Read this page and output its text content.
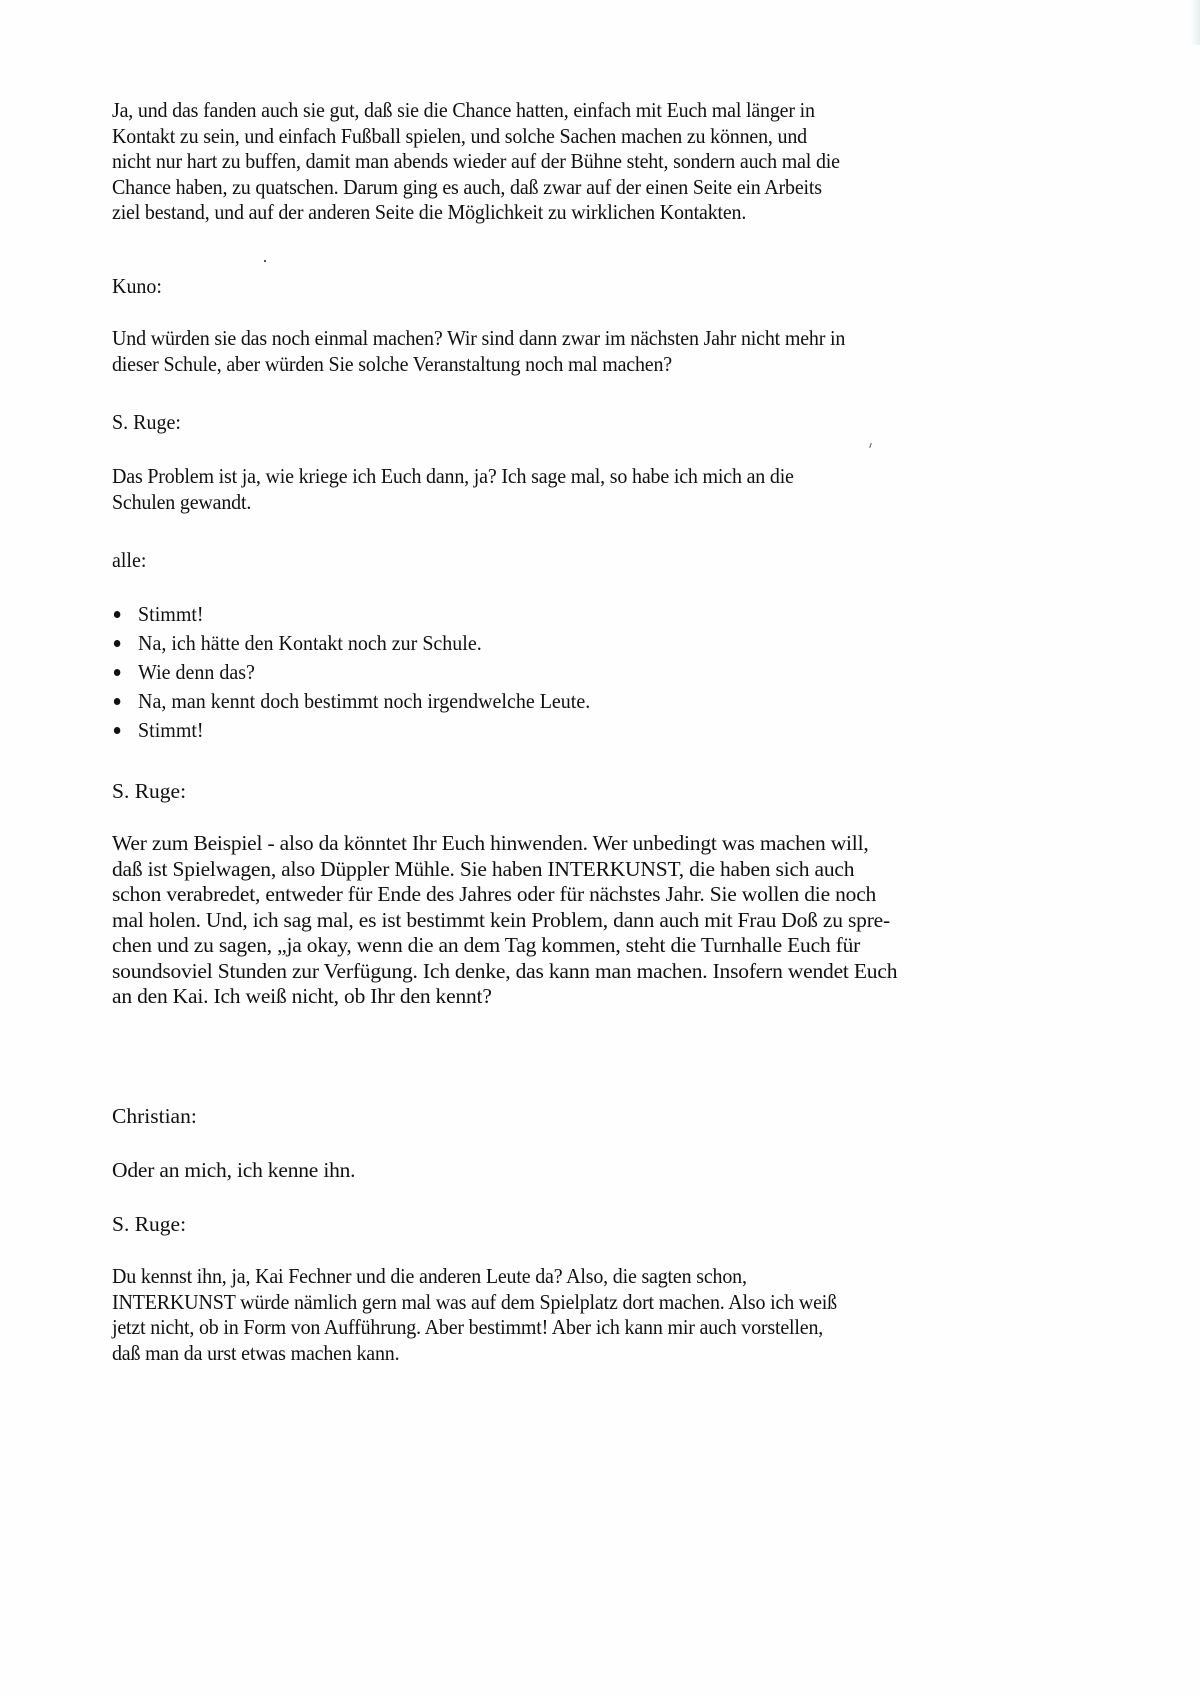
Ja, und das fanden auch sie gut, daß sie die Chance hatten, einfach mit Euch mal länger in
Kontakt zu sein, und einfach Fußball spielen, und solche Sachen machen zu können, und
nicht nur hart zu buffen, damit man abends wieder auf der Bühne steht, sondern auch mal die
Chance haben, zu quatschen. Darum ging es auch, daß zwar auf der einen Seite ein Arbeits
ziel bestand, und auf der anderen Seite die Möglichkeit zu wirklichen Kontakten.
Kuno:
Und würden sie das noch einmal machen? Wir sind dann zwar im nächsten Jahr nicht mehr in
dieser Schule, aber würden Sie solche Veranstaltung noch mal machen?
S. Ruge:
Das Problem ist ja, wie kriege ich Euch dann, ja? Ich sage mal, so habe ich mich an die
Schulen gewandt.
alle:
Stimmt!
Na, ich hätte den Kontakt noch zur Schule.
Wie denn das?
Na, man kennt doch bestimmt noch irgendwelche Leute.
Stimmt!
S. Ruge:
Wer zum Beispiel - also da könntet Ihr Euch hinwenden. Wer unbedingt was machen will,
daß ist Spielwagen, also Düppler Mühle. Sie haben INTERKUNST, die haben sich auch
schon verabredet, entweder für Ende des Jahres oder für nächstes Jahr. Sie wollen die noch
mal holen. Und, ich sag mal, es ist bestimmt kein Problem, dann auch mit Frau Doß zu spre-
chen und zu sagen, „ja okay, wenn die an dem Tag kommen, steht die Turnhalle Euch für
soundsoviel Stunden zur Verfügung. Ich denke, das kann man machen. Insofern wendet Euch
an den Kai. Ich weiß nicht, ob Ihr den kennt?
Christian:
Oder an mich, ich kenne ihn.
S. Ruge:
Du kennst ihn, ja, Kai Fechner und die anderen Leute da? Also, die sagten schon,
INTERKUNST würde nämlich gern mal was auf dem Spielplatz dort machen. Also ich weiß
jetzt nicht, ob in Form von Aufführung. Aber bestimmt! Aber ich kann mir auch vorstellen,
daß man da urst etwas machen kann.
